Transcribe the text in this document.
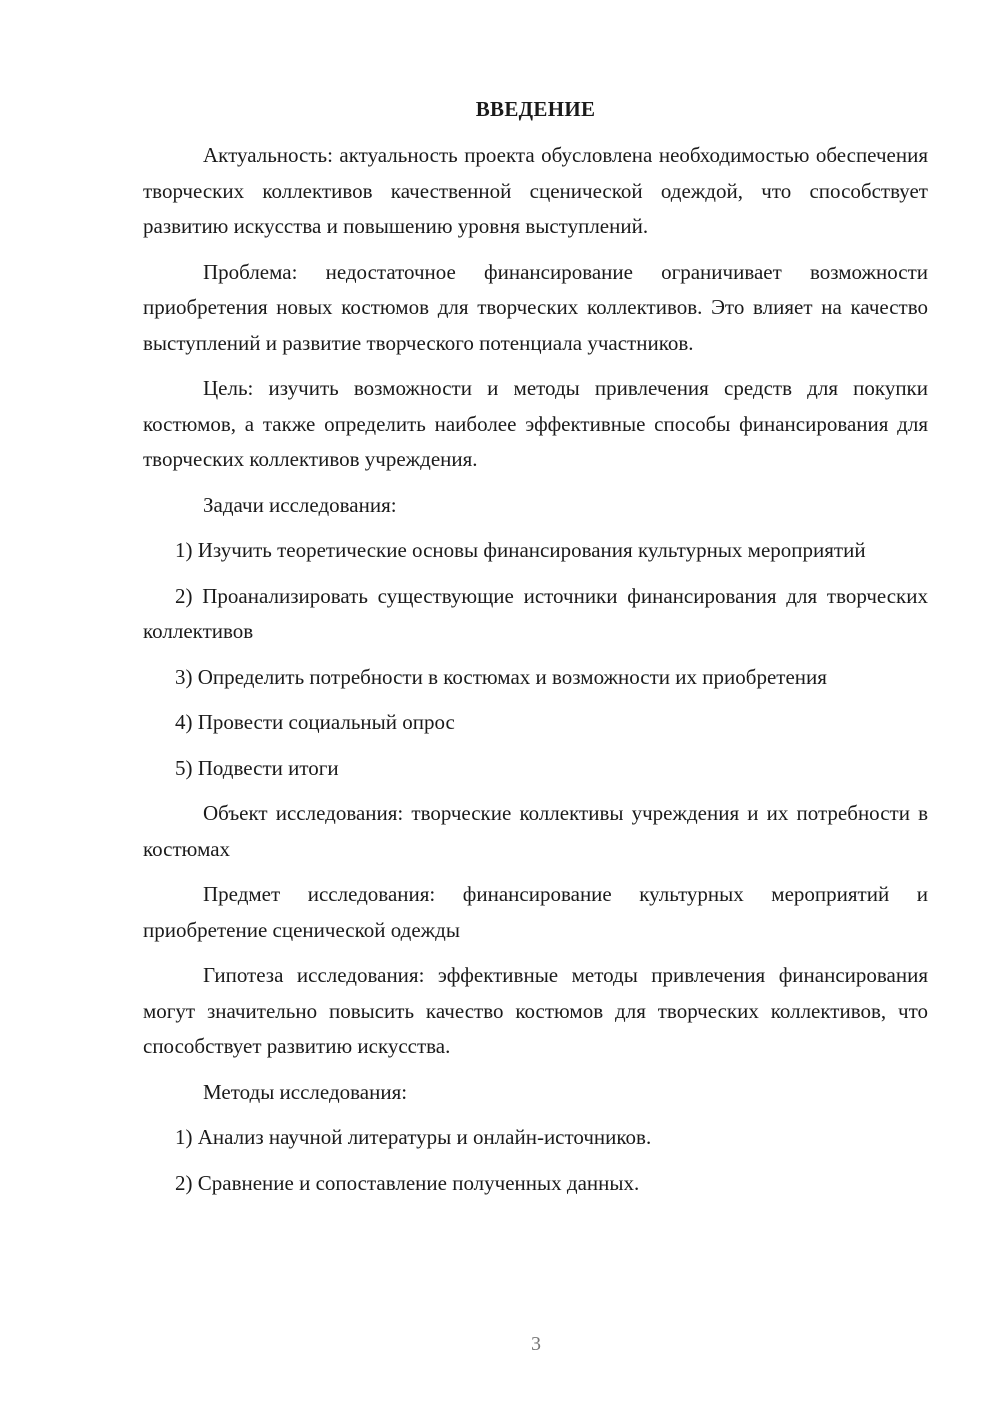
ВВЕДЕНИЕ

Актуальность: актуальность проекта обусловлена необходимостью обеспечения творческих коллективов качественной сценической одеждой, что способствует развитию искусства и повышению уровня выступлений.

Проблема: недостаточное финансирование ограничивает возможности приобретения новых костюмов для творческих коллективов. Это влияет на качество выступлений и развитие творческого потенциала участников.

Цель: изучить возможности и методы привлечения средств для покупки костюмов, а также определить наиболее эффективные способы финансирования для творческих коллективов учреждения.

Задачи исследования:

1) Изучить теоретические основы финансирования культурных мероприятий

2) Проанализировать существующие источники финансирования для творческих коллективов

3) Определить потребности в костюмах и возможности их приобретения

4) Провести социальный опрос

5) Подвести итоги

Объект исследования: творческие коллективы учреждения и их потребности в костюмах

Предмет исследования: финансирование культурных мероприятий и приобретение сценической одежды

Гипотеза исследования: эффективные методы привлечения финансирования могут значительно повысить качество костюмов для творческих коллективов, что способствует развитию искусства.

Методы исследования:

1) Анализ научной литературы и онлайн-источников.

2) Сравнение и сопоставление полученных данных.

3
